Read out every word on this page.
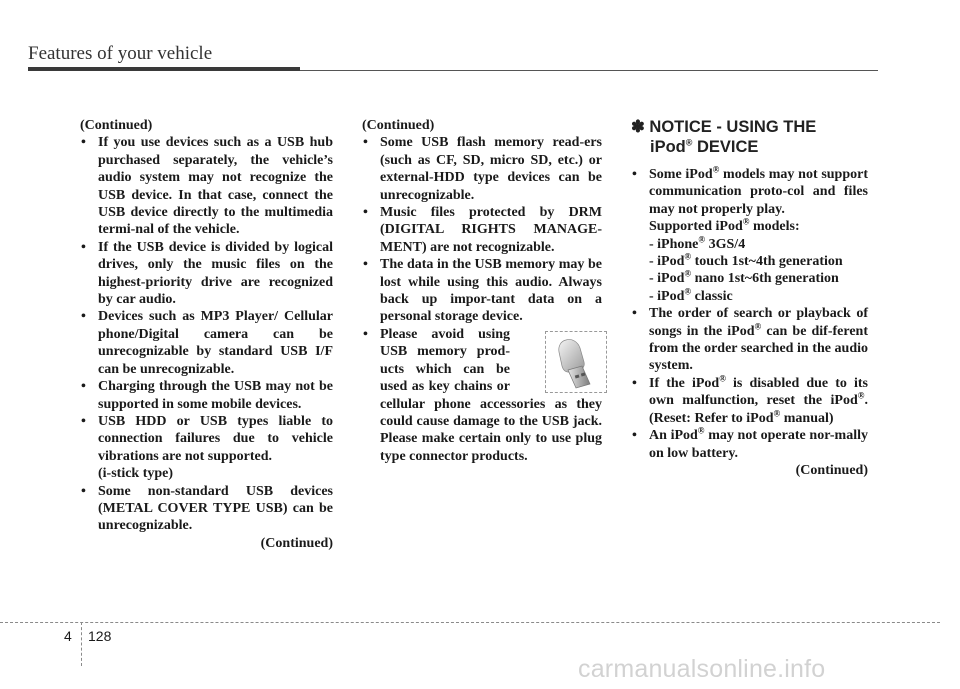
Features of your vehicle

(Continued)

• If you use devices such as a USB hub purchased separately, the vehicle’s audio system may not recognize the USB device. In that case, connect the USB device directly to the multimedia termi-nal of the vehicle.

• If the USB device is divided by logical drives, only the music files on the highest-priority drive are recognized by car audio.

• Devices such as MP3 Player/ Cellular phone/Digital camera can be unrecognizable by standard USB I/F can be unrecognizable.

• Charging through the USB may not be supported in some mobile devices.

• USB HDD or USB types liable to connection failures due to vehicle vibrations are not supported.

(i-stick type)

• Some non-standard USB devices (METAL COVER TYPE USB) can be unrecognizable.

(Continued)

(Continued)

• Some USB flash memory read-ers (such as CF, SD, micro SD, etc.) or external-HDD type devices can be unrecognizable.

• Music files protected by DRM (DIGITAL RIGHTS MANAGE-MENT) are not recognizable.

• The data in the USB memory may be lost while using this audio. Always back up impor-tant data on a personal storage device.

• Please avoid using
USB memory prod-
ucts which can be
used as key chains or
cellular phone accessories as they could cause damage to the USB jack. Please make certain only to use plug type connector products.
✽ NOTICE - USING THE
iPod® DEVICE

• Some iPod® models may not support communication proto-col and files may not properly play.

Supported iPod® models:

- iPhone® 3GS/4

- iPod® touch 1st~4th generation

- iPod® nano 1st~6th generation

- iPod® classic

• The order of search or playback of songs in the iPod® can be dif-ferent from the order searched in the audio system.

• If the iPod® is disabled due to its own malfunction, reset the iPod®. (Reset: Refer to iPod® manual)

• An iPod® may not operate nor-mally on low battery.

(Continued)

4 128
carmanualsonline.info
